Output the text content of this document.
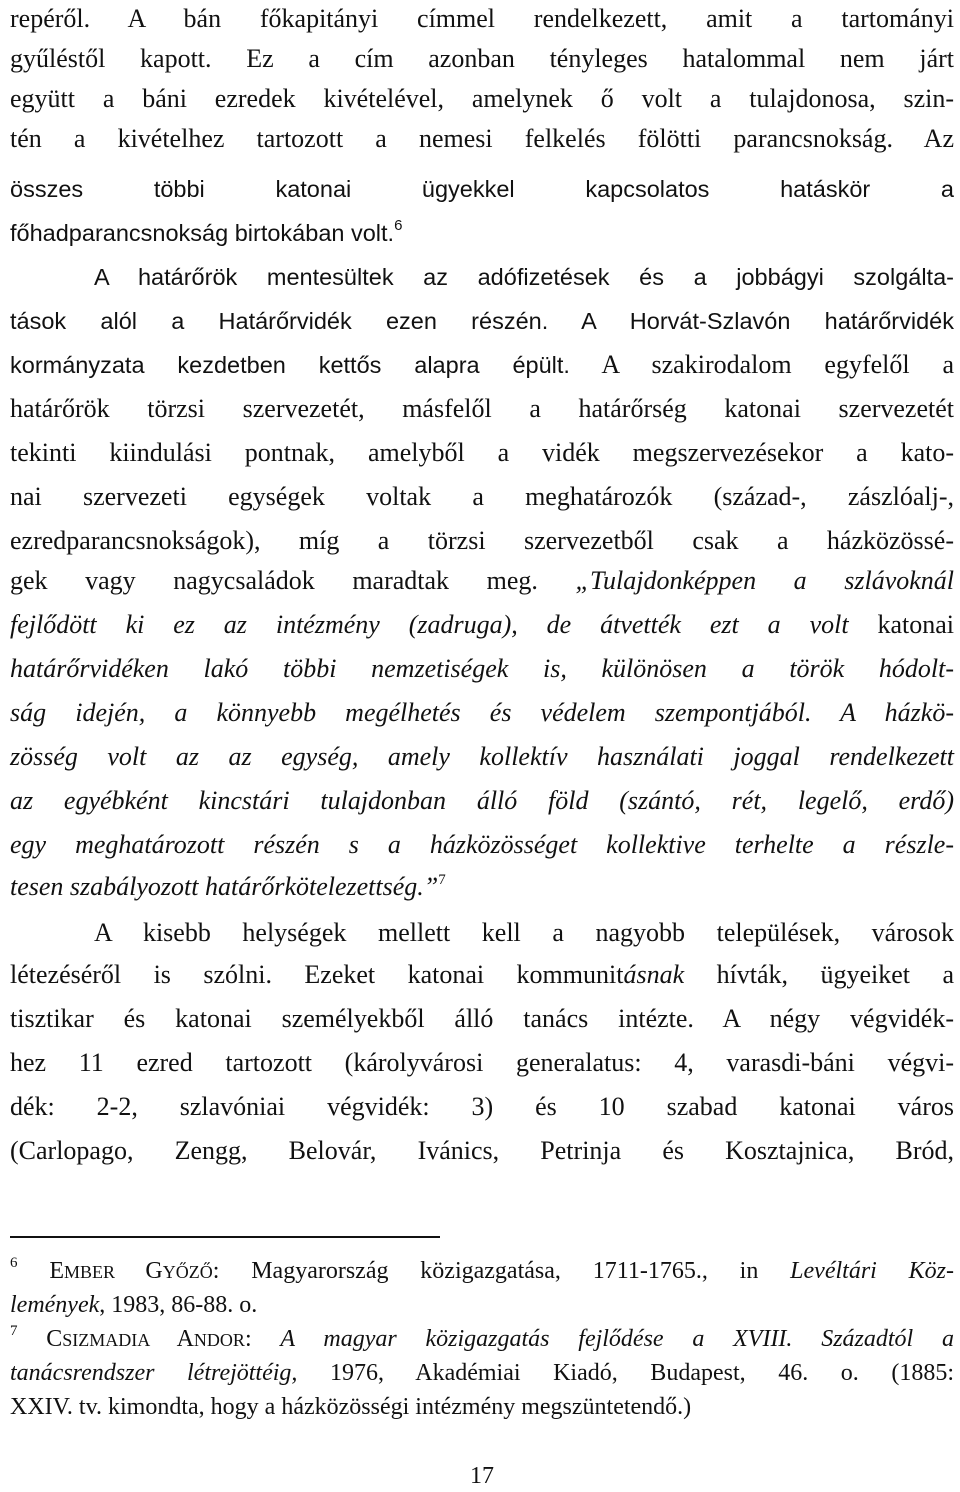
repéről. A bán főkapitányi címmel rendelkezett, amit a tartományi
gyűléstől kapott. Ez a cím azonban tényleges hatalommal nem járt
együtt a báni ezredek kivételével, amelynek ő volt a tulajdonosa, szin-
tén a kivételhez tartozott a nemesi felkelés fölötti parancsnokság. Az
összes többi katonai ügyekkel kapcsolatos hatáskör a
főhadparancsnokság birtokában volt.$^6$
A határőrök mentesültek az adófizetések és a jobbágyi szolgálta-
tások alól a Határőrvidék ezen részén. A Horvát-Szlavón határőrvidék
kormányzata kezdetben kettős alapra épült. A szakirodalom egyfelől a
határőrök törzsi szervezetét, másfelől a határőrség katonai szervezetét
tekinti kiindulási pontnak, amelyből a vidék megszervezésekor a kato-
nai szervezeti egységek voltak a meghatározók (század-, zászlóalj-,
ezredparancsnokságok), míg a törzsi szervezetből csak a házközössé-
gek vagy nagycsaládok maradtak meg. „Tulajdonképpen a szlávoknál
fejlődött ki ez az intézmény (zadruga), de átvették ezt a volt katonai
határőrvidéken lakó többi nemzetiségek is, különösen a török hódolt-
ság idején, a könnyebb megélhetés és védelem szempontjából. A házkö-
zösség volt az az egység, amely kollektív használati joggal rendelkezett
az egyébként kincstári tulajdonban álló föld (szántó, rét, legelő, erdő)
egy meghatározott részén s a házközösséget kollektive terhelte a részle-
tesen szabályozott határőrkötelezettség.”$^7$
A kisebb helységek mellett kell a nagyobb települések, városok
létezéséről is szólni. Ezeket katonai kommunitásnak hívták, ügyeiket a
tisztikar és katonai személyekből álló tanács intézte. A négy végvidék-
hez 11 ezred tartozott (károlyvárosi generalatus: 4, varasdi-báni végvi-
dék: 2-2, szlavóniai végvidék: 3) és 10 szabad katonai város
(Carlopago, Zengg, Belovár, Ivánics, Petrinja és Kosztajnica, Bród,
$^6$ EMBER GYŐZŐ: Magyarország közigazgatása, 1711-1765., in Levéltári Köz-
lemények, 1983, 86-88. o.
$^7$ CSIZMADIA ANDOR: A magyar közigazgatás fejlődése a XVIII. Századtól a
tanácsrendszer létrejöttéig, 1976, Akadémiai Kiadó, Budapest, 46. o. (1885:
XXIV. tv. kimondta, hogy a házközösségi intézmény megszüntetendő.)
17
